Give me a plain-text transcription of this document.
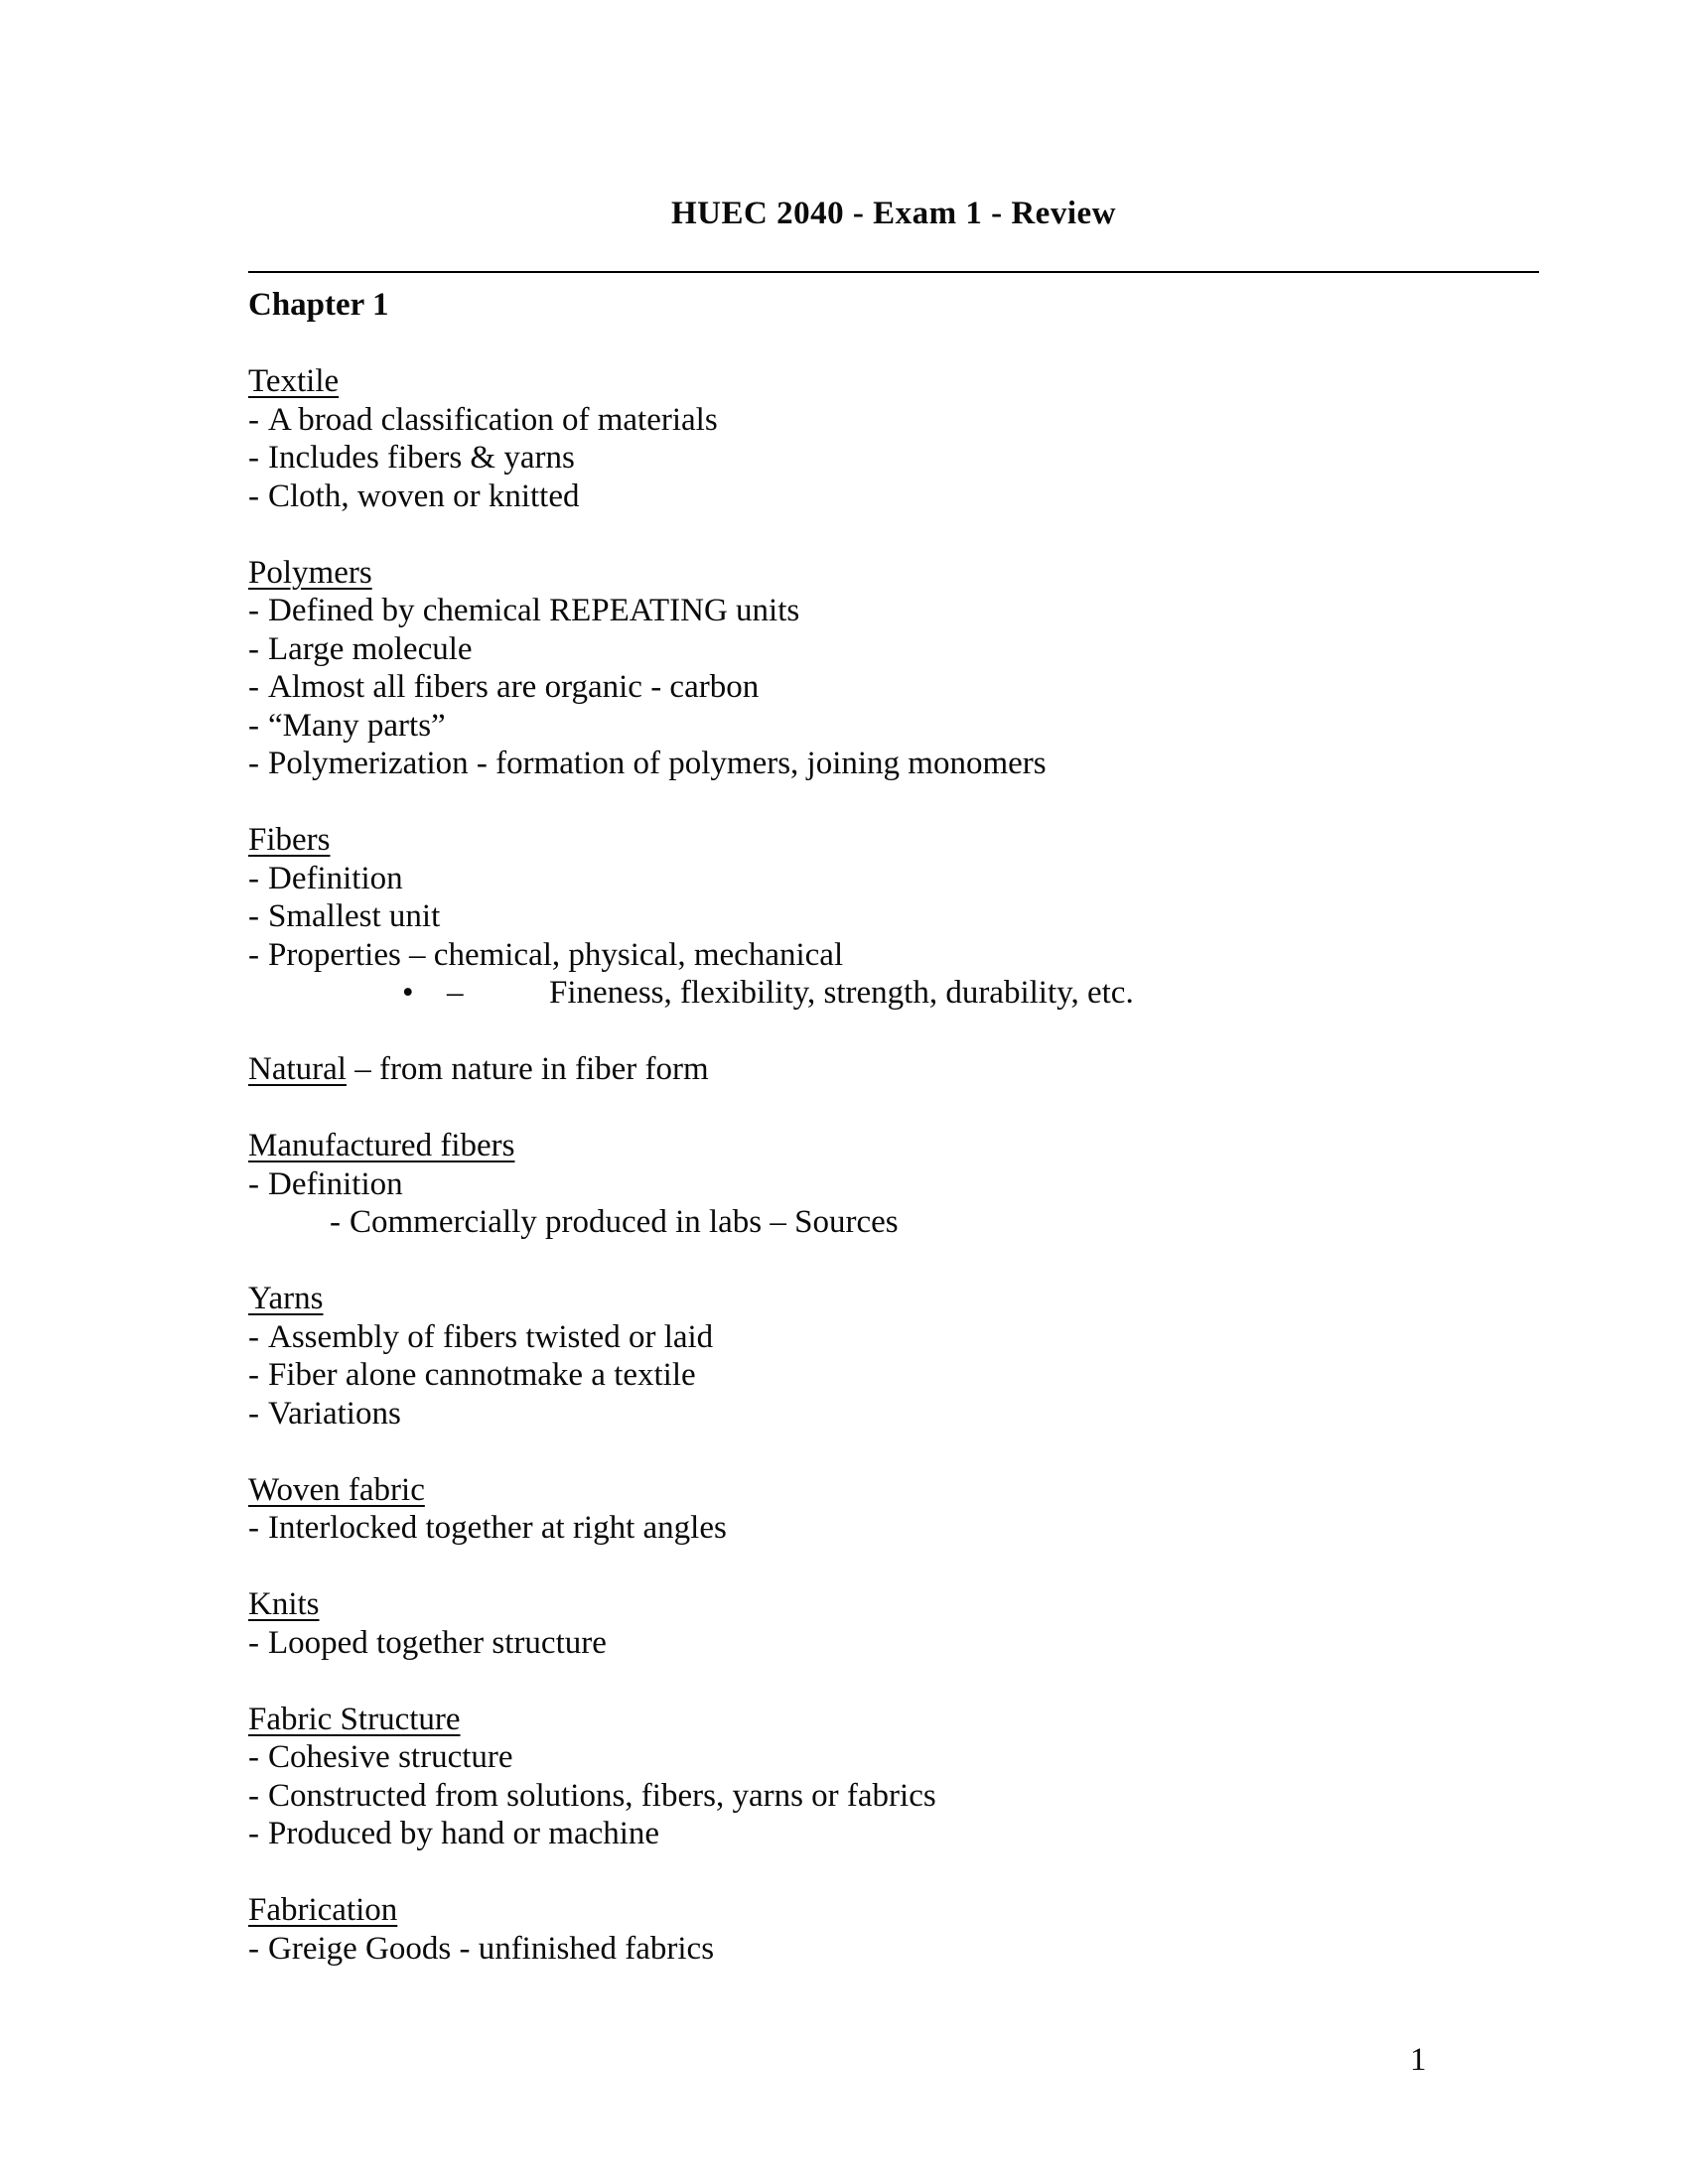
HUEC 2040 - Exam 1 - Review
Chapter 1
Textile
- A broad classification of materials
- Includes fibers & yarns
- Cloth, woven or knitted
Polymers
- Defined by chemical REPEATING units
- Large molecule
- Almost all fibers are organic - carbon
- “Many parts”
- Polymerization - formation of polymers, joining monomers
Fibers
- Definition
- Smallest unit
- Properties – chemical, physical, mechanical
• –	Fineness, flexibility, strength, durability, etc.
Natural – from nature in fiber form
Manufactured fibers
- Definition
- Commercially produced in labs – Sources
Yarns
- Assembly of fibers twisted or laid
- Fiber alone cannotmake a textile
- Variations
Woven fabric
- Interlocked together at right angles
Knits
- Looped together structure
Fabric Structure
- Cohesive structure
- Constructed from solutions, fibers, yarns or fabrics
- Produced by hand or machine
Fabrication
- Greige Goods - unfinished fabrics
1
